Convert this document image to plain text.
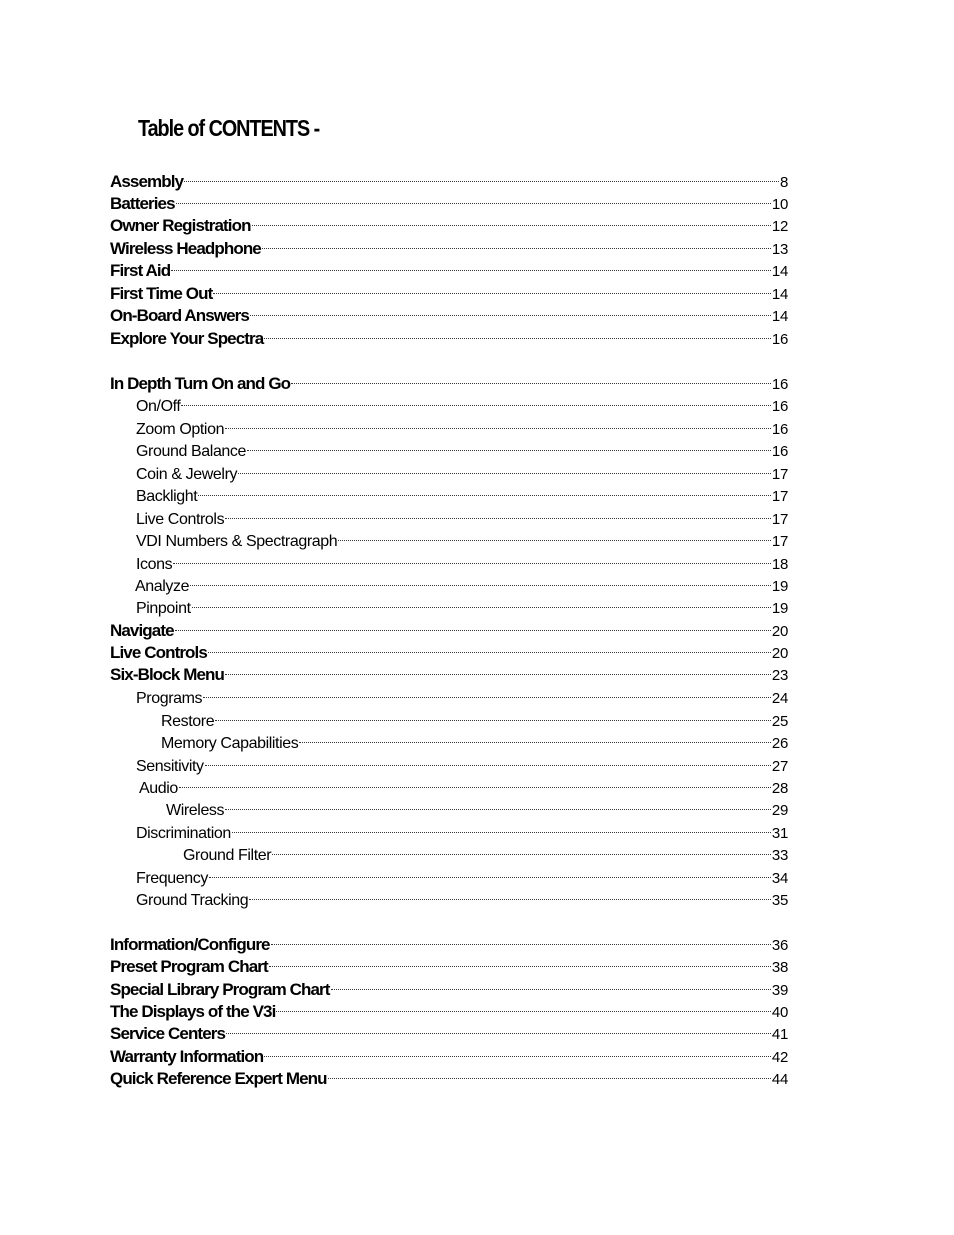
Table of CONTENTS -
Assembly	8
Batteries	10
Owner Registration	12
Wireless Headphone	13
First Aid	14
First Time Out	14
On-Board Answers	14
Explore Your Spectra	16
In Depth Turn On and Go	16
On/Off	16
Zoom Option	16
Ground Balance	16
Coin & Jewelry	17
Backlight	17
Live Controls	17
VDI Numbers & Spectragraph	17
Icons	18
Analyze	19
Pinpoint	19
Navigate	20
Live Controls	20
Six-Block Menu	23
Programs	24
Restore	25
Memory Capabilities	26
Sensitivity	27
Audio	28
Wireless	29
Discrimination	31
Ground Filter	33
Frequency	34
Ground Tracking	35
Information/Configure	36
Preset Program Chart	38
Special Library Program Chart	39
The Displays of the V3i	40
Service Centers	41
Warranty Information	42
Quick Reference Expert Menu	44
